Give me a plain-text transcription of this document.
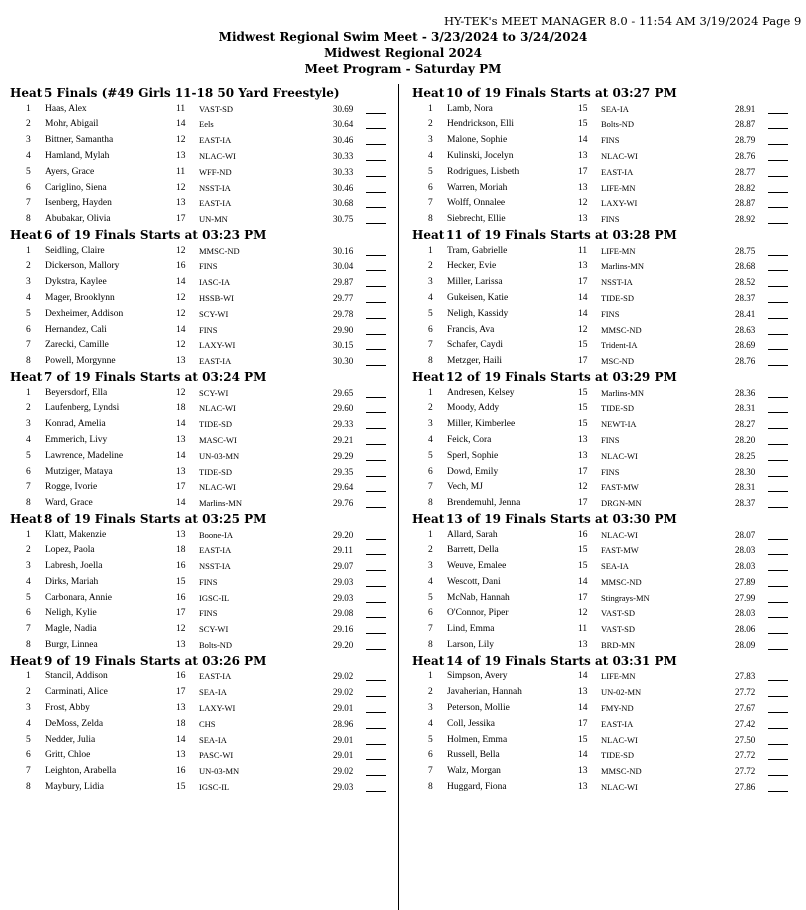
HY-TEK's MEET MANAGER 8.0 - 11:54 AM 3/19/2024 Page 9
Midwest Regional Swim Meet - 3/23/2024 to 3/24/2024
Midwest Regional 2024
Meet Program - Saturday PM
Heat 5 Finals (#49 Girls 11-18 50 Yard Freestyle)
1 Haas, Alex	11 VAST-SD	30.69
2 Mohr, Abigail	14 Eels	30.64
3 Bittner, Samantha	12 EAST-IA	30.46
4 Hamland, Mylah	13 NLAC-WI	30.33
5 Ayers, Grace	11 WFF-ND	30.33
6 Cariglino, Siena	12 NSST-IA	30.46
7 Isenberg, Hayden	13 EAST-IA	30.68
8 Abubakar, Olivia	17 UN-MN	30.75
Heat 6 of 19 Finals Starts at 03:23 PM
1 Seidling, Claire	12 MMSC-ND	30.16
2 Dickerson, Mallory	16 FINS	30.04
3 Dykstra, Kaylee	14 IASC-IA	29.87
4 Mager, Brooklynn	12 HSSB-WI	29.77
5 Dexheimer, Addison	12 SCY-WI	29.78
6 Hernandez, Cali	14 FINS	29.90
7 Zarecki, Camille	12 LAXY-WI	30.15
8 Powell, Morgynne	13 EAST-IA	30.30
Heat 7 of 19 Finals Starts at 03:24 PM
1 Beyersdorf, Ella	12 SCY-WI	29.65
2 Laufenberg, Lyndsi	18 NLAC-WI	29.60
3 Konrad, Amelia	14 TIDE-SD	29.33
4 Emmerich, Livy	13 MASC-WI	29.21
5 Lawrence, Madeline	14 UN-03-MN	29.29
6 Mutziger, Mataya	13 TIDE-SD	29.35
7 Rogge, Ivorie	17 NLAC-WI	29.64
8 Ward, Grace	14 Marlins-MN	29.76
Heat 8 of 19 Finals Starts at 03:25 PM
1 Klatt, Makenzie	13 Boone-IA	29.20
2 Lopez, Paola	18 EAST-IA	29.11
3 Labresh, Joella	16 NSST-IA	29.07
4 Dirks, Mariah	15 FINS	29.03
5 Carbonara, Annie	16 IGSC-IL	29.03
6 Neligh, Kylie	17 FINS	29.08
7 Magle, Nadia	12 SCY-WI	29.16
8 Burgr, Linnea	13 Bolts-ND	29.20
Heat 9 of 19 Finals Starts at 03:26 PM
1 Stancil, Addison	16 EAST-IA	29.02
2 Carminati, Alice	17 SEA-IA	29.02
3 Frost, Abby	13 LAXY-WI	29.01
4 DeMoss, Zelda	18 CHS	28.96
5 Nedder, Julia	14 SEA-IA	29.01
6 Gritt, Chloe	13 PASC-WI	29.01
7 Leighton, Arabella	16 UN-03-MN	29.02
8 Maybury, Lidia	15 IGSC-IL	29.03
Heat 10 of 19 Finals Starts at 03:27 PM
1 Lamb, Nora	15 SEA-IA	28.91
2 Hendrickson, Elli	15 Bolts-ND	28.87
3 Malone, Sophie	14 FINS	28.79
4 Kulinski, Jocelyn	13 NLAC-WI	28.76
5 Rodrigues, Lisbeth	17 EAST-IA	28.77
6 Warren, Moriah	13 LIFE-MN	28.82
7 Wolff, Onnalee	12 LAXY-WI	28.87
8 Siebrecht, Ellie	13 FINS	28.92
Heat 11 of 19 Finals Starts at 03:28 PM
1 Tram, Gabrielle	11 LIFE-MN	28.75
2 Hecker, Evie	13 Marlins-MN	28.68
3 Miller, Larissa	17 NSST-IA	28.52
4 Gukeisen, Katie	14 TIDE-SD	28.37
5 Neligh, Kassidy	14 FINS	28.41
6 Francis, Ava	12 MMSC-ND	28.63
7 Schafer, Caydi	15 Trident-IA	28.69
8 Metzger, Haili	17 MSC-ND	28.76
Heat 12 of 19 Finals Starts at 03:29 PM
1 Andresen, Kelsey	15 Marlins-MN	28.36
2 Moody, Addy	15 TIDE-SD	28.31
3 Miller, Kimberlee	15 NEWT-IA	28.27
4 Feick, Cora	13 FINS	28.20
5 Sperl, Sophie	13 NLAC-WI	28.25
6 Dowd, Emily	17 FINS	28.30
7 Vech, MJ	12 FAST-MW	28.31
8 Brendemuhl, Jenna	17 DRGN-MN	28.37
Heat 13 of 19 Finals Starts at 03:30 PM
1 Allard, Sarah	16 NLAC-WI	28.07
2 Barrett, Della	15 FAST-MW	28.03
3 Weuve, Emalee	15 SEA-IA	28.03
4 Wescott, Dani	14 MMSC-ND	27.89
5 McNab, Hannah	17 Stingrays-MN	27.99
6 O'Connor, Piper	12 VAST-SD	28.03
7 Lind, Emma	11 VAST-SD	28.06
8 Larson, Lily	13 BRD-MN	28.09
Heat 14 of 19 Finals Starts at 03:31 PM
1 Simpson, Avery	14 LIFE-MN	27.83
2 Javaherian, Hannah	13 UN-02-MN	27.72
3 Peterson, Mollie	14 FMY-ND	27.67
4 Coll, Jessika	17 EAST-IA	27.42
5 Holmen, Emma	15 NLAC-WI	27.50
6 Russell, Bella	14 TIDE-SD	27.72
7 Walz, Morgan	13 MMSC-ND	27.72
8 Huggard, Fiona	13 NLAC-WI	27.86
